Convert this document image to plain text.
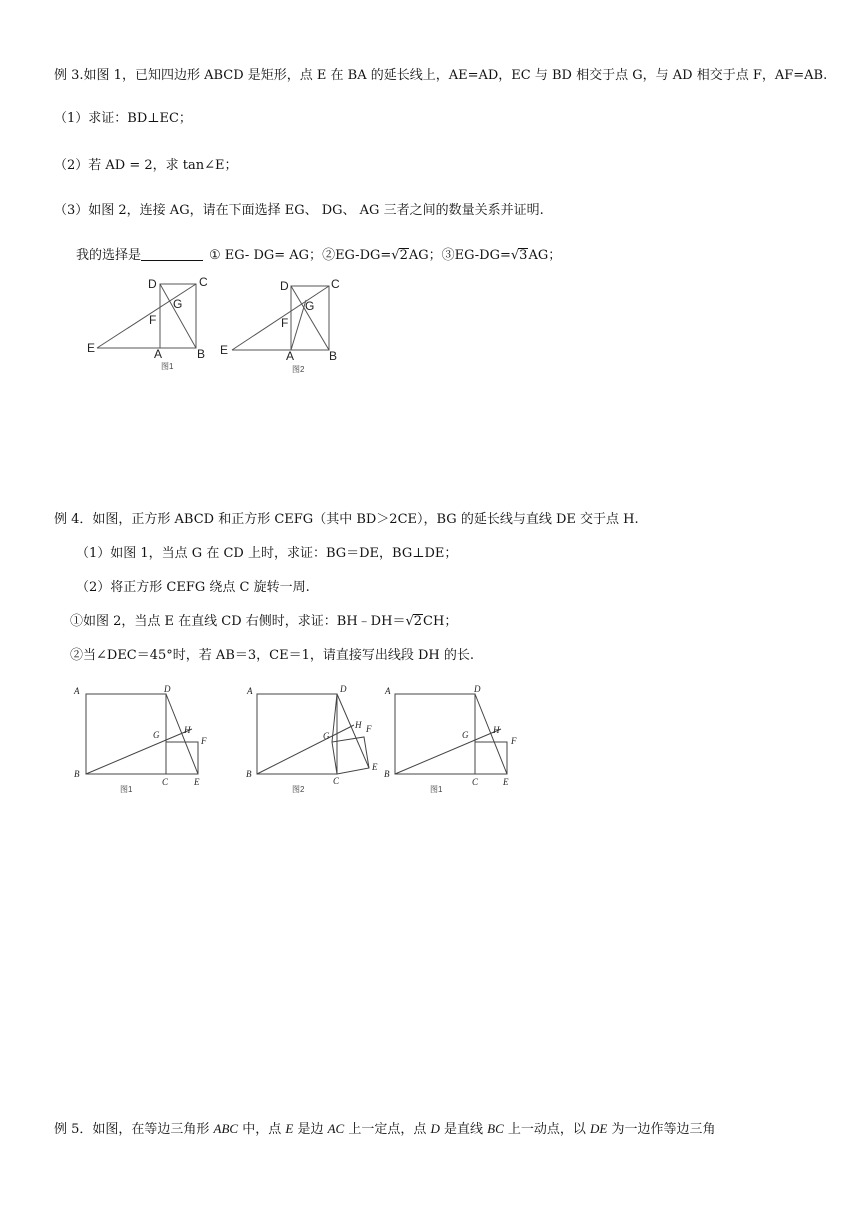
例 3.如图 1，已知四边形 ABCD 是矩形，点 E 在 BA 的延长线上，AE=AD，EC 与 BD 相交于点 G，与 AD 相交于点 F，AF=AB.
（1）求证：BD⊥EC；
（2）若 AD = 2，求 tan∠E；
（3）如图 2，连接 AG，请在下面选择 EG、 DG、 AG 三者之间的数量关系并证明.
我的选择是	① EG- DG= AG；②EG-DG=√2AG；③EG-DG=√3AG；
D	C
G
F
E	A	B
图1
D	C
G
F
E	A	B
图2
例 4．如图，正方形 ABCD 和正方形 CEFG（其中 BD＞2CE），BG 的延长线与直线 DE 交于点 H.
（1）如图 1，当点 G 在 CD 上时，求证：BG＝DE，BG⊥DE；
（2）将正方形 CEFG 绕点 C 旋转一周.
①如图 2，当点 E 在直线 CD 右侧时，求证：BH﹣DH＝√2CH；
②当∠DEC＝45°时，若 AB＝3，CE＝1，请直接写出线段 DH 的长.
A	D
G	H
F
B
C	E
图1
A	D
G
H F
B
C
E
图2
A	D
G	H
F
B
C	E
图1
例 5．如图，在等边三角形 ABC 中，点 E 是边 AC 上一定点，点 D 是直线 BC 上一动点，以 DE 为一边作等边三角
